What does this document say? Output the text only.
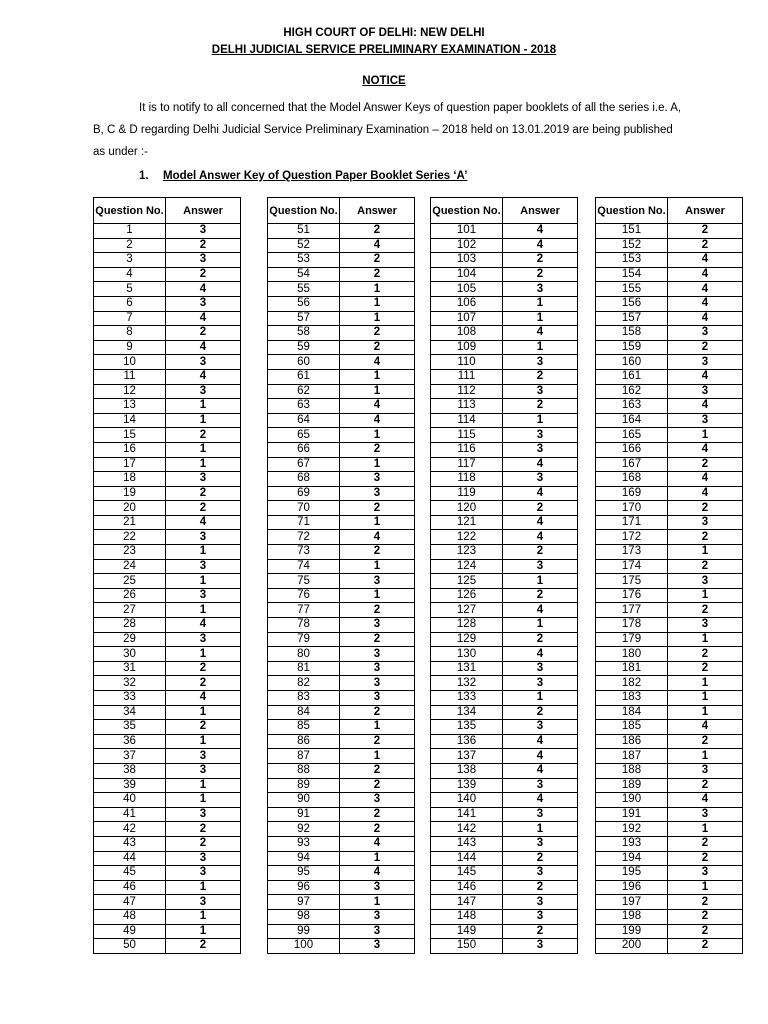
HIGH COURT OF DELHI: NEW DELHI
DELHI JUDICIAL SERVICE PRELIMINARY EXAMINATION - 2018
NOTICE
It is to notify to all concerned that the Model Answer Keys of question paper booklets of all the series i.e. A, B, C & D regarding Delhi Judicial Service Preliminary Examination – 2018 held on 13.01.2019 are being published as under :-
1. Model Answer Key of Question Paper Booklet Series ‘A’
Question No.	Answer
1	3
2	2
3	3
4	2
5	4
6	3
7	4
8	2
9	4
10	3
11	4
12	3
13	1
14	1
15	2
16	1
17	1
18	3
19	2
20	2
21	4
22	3
23	1
24	3
25	1
26	3
27	1
28	4
29	3
30	1
31	2
32	2
33	4
34	1
35	2
36	1
37	3
38	3
39	1
40	1
41	3
42	2
43	2
44	3
45	3
46	1
47	3
48	1
49	1
50	2
Question No.	Answer
51	2
52	4
53	2
54	2
55	1
56	1
57	1
58	2
59	2
60	4
61	1
62	1
63	4
64	4
65	1
66	2
67	1
68	3
69	3
70	2
71	1
72	4
73	2
74	1
75	3
76	1
77	2
78	3
79	2
80	3
81	3
82	3
83	3
84	2
85	1
86	2
87	1
88	2
89	2
90	3
91	2
92	2
93	4
94	1
95	4
96	3
97	1
98	3
99	3
100	3
Question No.	Answer
101	4
102	4
103	2
104	2
105	3
106	1
107	1
108	4
109	1
110	3
111	2
112	3
113	2
114	1
115	3
116	3
117	4
118	3
119	4
120	2
121	4
122	4
123	2
124	3
125	1
126	2
127	4
128	1
129	2
130	4
131	3
132	3
133	1
134	2
135	3
136	4
137	4
138	4
139	3
140	4
141	3
142	1
143	3
144	2
145	3
146	2
147	3
148	3
149	2
150	3
Question No.	Answer
151	2
152	2
153	4
154	4
155	4
156	4
157	4
158	3
159	2
160	3
161	4
162	3
163	4
164	3
165	1
166	4
167	2
168	4
169	4
170	2
171	3
172	2
173	1
174	2
175	3
176	1
177	2
178	3
179	1
180	2
181	2
182	1
183	1
184	1
185	4
186	2
187	1
188	3
189	2
190	4
191	3
192	1
193	2
194	2
195	3
196	1
197	2
198	2
199	2
200	2
